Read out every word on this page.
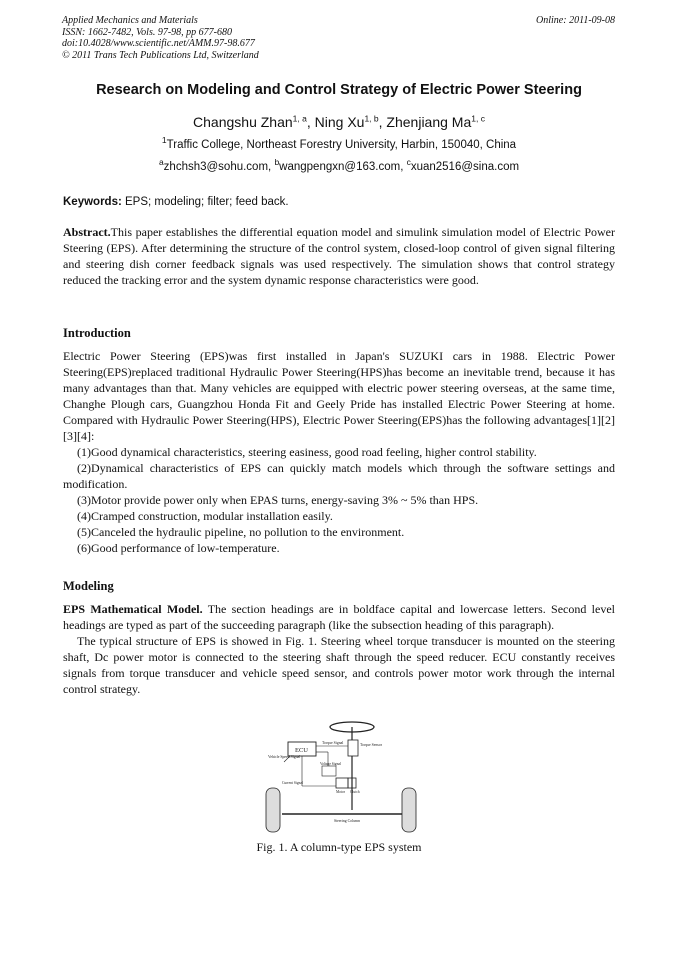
Applied Mechanics and Materials
ISSN: 1662-7482, Vols. 97-98, pp 677-680
doi:10.4028/www.scientific.net/AMM.97-98.677
© 2011 Trans Tech Publications Ltd, Switzerland
Online: 2011-09-08
Research on Modeling and Control Strategy of Electric Power Steering
Changshu Zhan$^{1, a}$, Ning Xu$^{1, b}$, Zhenjiang Ma$^{1, c}$
$^1$Traffic College, Northeast Forestry University, Harbin, 150040, China
$^a$zhchsh3@sohu.com, $^b$wangpengxn@163.com, $^c$xuan2516@sina.com
Keywords: EPS; modeling; filter; feed back.
Abstract.This paper establishes the differential equation model and simulink simulation model of Electric Power Steering (EPS). After determining the structure of the control system, closed-loop control of given signal filtering and steering dish corner feedback signals was used respectively. The simulation shows that control strategy reduced the tracking error and the system dynamic response characteristics were good.
Introduction
Electric Power Steering (EPS)was first installed in Japan's SUZUKI cars in 1988. Electric Power Steering(EPS)replaced traditional Hydraulic Power Steering(HPS)has become an inevitable trend, because it has many advantages than that. Many vehicles are equipped with electric power steering overseas, at the same time, Changhe Plough cars, Guangzhou Honda Fit and Geely Pride has installed Electric Power Steering at home. Compared with Hydraulic Power Steering(HPS), Electric Power Steering(EPS)has the following advantages[1][2][3][4]:
(1)Good dynamical characteristics, steering easiness, good road feeling, higher control stability.
(2)Dynamical characteristics of EPS can quickly match models which through the software settings and modification.
(3)Motor provide power only when EPAS turns, energy-saving 3% ~ 5% than HPS.
(4)Cramped construction, modular installation easily.
(5)Canceled the hydraulic pipeline, no pollution to the environment.
(6)Good performance of low-temperature.
Modeling
EPS Mathematical Model. The section headings are in boldface capital and lowercase letters. Second level headings are typed as part of the succeeding paragraph (like the subsection heading of this paragraph).
The typical structure of EPS is showed in Fig. 1. Steering wheel torque transducer is mounted on the steering shaft, Dc power motor is connected to the steering shaft through the speed reducer. ECU constantly receives signals from torque transducer and vehicle speed sensor, and controls power motor work through the internal control strategy.
ECU
Torque Signal	Torque Sensor
Vehicle Speed Signal
Voltage Signal
Motor Clutch
Current Signal
Steering Column
Fig. 1. A column-type EPS system
